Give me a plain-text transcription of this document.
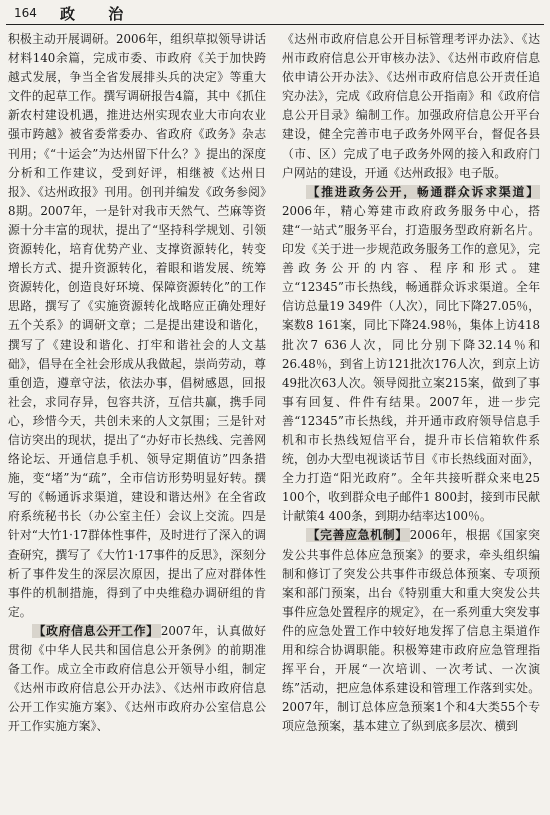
164 政 治

积极主动开展调研。2006年，组织草拟领导讲话材料140余篇，完成市委、市政府《关于加快跨越式发展，争当全省发展排头兵的决定》等重大文件的起草工作。撰写调研报告4篇，其中《抓住新农村建设机遇，推进达州实现农业大市向农业强市跨越》被省委常委办、省政府《政务》杂志刊用；《“十运会”为达州留下什么？》提出的深度分析和工作建议，受到好评，相继被《达州日报》、《达州政报》刊用。创刊并编发《政务参阅》8期。2007年，一是针对我市天然气、苎麻等资源十分丰富的现状，提出了“坚持科学规划、引领资源转化，培育优势产业、支撑资源转化，转变增长方式、提升资源转化，着眼和谐发展、统筹资源转化，创造良好环境、保障资源转化”的工作思路，撰写了《实施资源转化战略应正确处理好五个关系》的调研文章；二是提出建设和谐化，撰写了《建设和谐化、打牢和谐社会的人文基础》，倡导在全社会形成从我做起，崇尚劳动，尊重创造，遵章守法，依法办事，倡树感恩，回报社会，求同存异，包容共济，互信共赢，携手同心，珍惜今天，共创未来的人文氛围；三是针对信访突出的现状，提出了“办好市长热线、完善网络论坛、开通信息手机、领导定期值访”四条措施，变“堵”为“疏”，全市信访形势明显好转。撰写的《畅通诉求渠道，建设和谐达州》在全省政府系统秘书长（办公室主任）会议上交流。四是针对“大竹1·17群体性事件，及时进行了深入的调查研究，撰写了《大竹1·17事件的反思》，深刻分析了事件发生的深层次原因，提出了应对群体性事件的机制措施，得到了中央维稳办调研组的肯定。

【政府信息公开工作】 2007年，认真做好贯彻《中华人民共和国信息公开条例》的前期准备工作。成立全市政府信息公开领导小组，制定《达州市政府信息公开办法》、《达州市政府信息公开工作实施方案》、《达州市政府办公室信息公开工作实施方案》、

《达州市政府信息公开目标管理考评办法》、《达州市政府信息公开审核办法》、《达州市政府信息依申请公开办法》、《达州市政府信息公开责任追究办法》，完成《政府信息公开指南》和《政府信息公开目录》编制工作。加强政府信息公开平台建设，健全完善市电子政务外网平台，督促各县（市、区）完成了电子政务外网的接入和政府门户网站的建设，开通《达州政报》电子版。

【推进政务公开，畅通群众诉求渠道】2006年，精心筹建市政府政务服务中心，搭建“一站式”服务平台，打造服务型政府新名片。印发《关于进一步规范政务服务工作的意见》，完善政务公开的内容、程序和形式。建立“12345”市长热线，畅通群众诉求渠道。全年信访总量19 349件（人次），同比下降27.05％，案数8 161案，同比下降24.98％，集体上访418批次7 636人次，同比分别下降32.14％和26.48％，到省上访121批次176人次，到京上访49批次63人次。领导阅批立案215案，做到了事事有回复、件件有结果。2007年，进一步完善“12345”市长热线，并开通市政府领导信息手机和市长热线短信平台，提升市长信箱软件系统，创办大型电视谈话节目《市长热线面对面》，全力打造“阳光政府”。全年共接听群众来电25 100个，收到群众电子邮件1 800封，接到市民献计献策4 400条，到期办结率达100％。

【完善应急机制】 2006年，根据《国家突发公共事件总体应急预案》的要求，牵头组织编制和修订了突发公共事件市级总体预案、专项预案和部门预案，出台《特别重大和重大突发公共事件应急处置程序的规定》，在一系列重大突发事件的应急处置工作中较好地发挥了信息主渠道作用和综合协调职能。积极筹建市政府应急管理指挥平台，开展“一次培训、一次考试、一次演练”活动，把应急体系建设和管理工作落到实处。2007年，制订总体应急预案1个和4大类55个专项应急预案，基本建立了纵到底多层次、横到
